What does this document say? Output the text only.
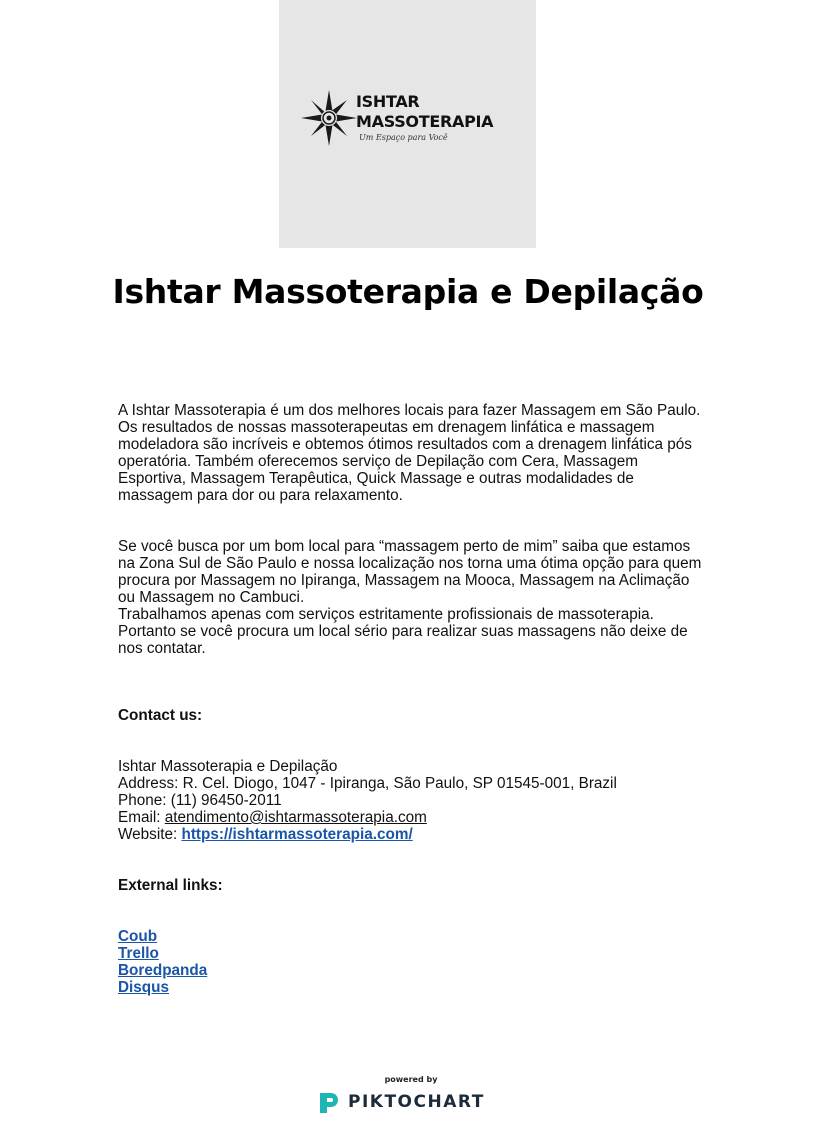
ISHTAR
MASSOTERAPIA
Um Espaço para Você
Ishtar Massoterapia e Depilação

A Ishtar Massoterapia é um dos melhores locais para fazer Massagem em São Paulo. Os resultados de nossas massoterapeutas em drenagem linfática e massagem modeladora são incríveis e obtemos ótimos resultados com a drenagem linfática pós operatória. Também oferecemos serviço de Depilação com Cera, Massagem Esportiva, Massagem Terapêutica, Quick Massage e outras modalidades de massagem para dor ou para relaxamento.

Se você busca por um bom local para “massagem perto de mim” saiba que estamos na Zona Sul de São Paulo e nossa localização nos torna uma ótima opção para quem procura por Massagem no Ipiranga, Massagem na Mooca, Massagem na Aclimação ou Massagem no Cambuci.

Trabalhamos apenas com serviços estritamente profissionais de massoterapia. Portanto se você procura um local sério para realizar suas massagens não deixe de nos contatar.

Contact us:
Ishtar Massoterapia e Depilação
Address: R. Cel. Diogo, 1047 - Ipiranga, São Paulo, SP 01545-001, Brazil
Phone: (11) 96450-2011
Email: atendimento@ishtarmassoterapia.com
Website: https://ishtarmassoterapia.com/
External links:
Coub
Trello
Boredpanda
Disqus
powered by
PIKTOCHART
